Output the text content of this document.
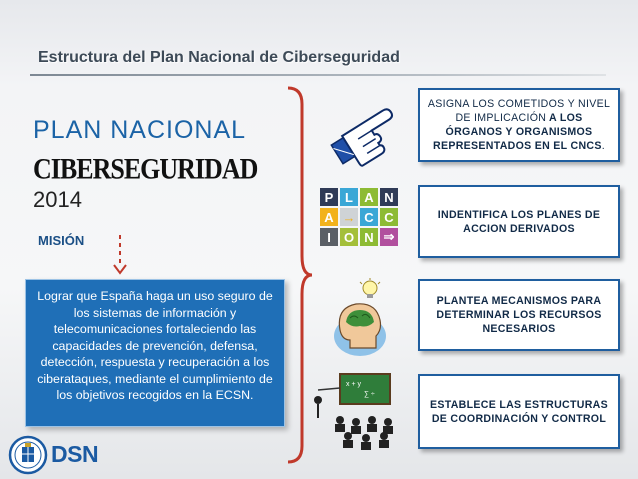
Estructura del Plan Nacional de Ciberseguridad
PLAN NACIONAL
CIBERSEGURIDAD
2014
MISIÓN
Lograr que España haga un uso seguro de los sistemas de información y telecomunicaciones fortaleciendo las capacidades de prevención, defensa, detección, respuesta y recuperación a los ciberataques, mediante el cumplimiento de los objetivos recogidos en la ECSN.
P L A N
A → C C
I	O N ⇒
x + y
∑ ÷
ASIGNA LOS COMETIDOS Y NIVEL DE IMPLICACIÓN A LOS ÓRGANOS Y ORGANISMOS REPRESENTADOS EN EL CNCS.
INDENTIFICA LOS PLANES DE ACCION DERIVADOS
PLANTEA MECANISMOS PARA DETERMINAR LOS RECURSOS NECESARIOS
ESTABLECE LAS ESTRUCTURAS DE COORDINACIÓN Y CONTROL
DSN
